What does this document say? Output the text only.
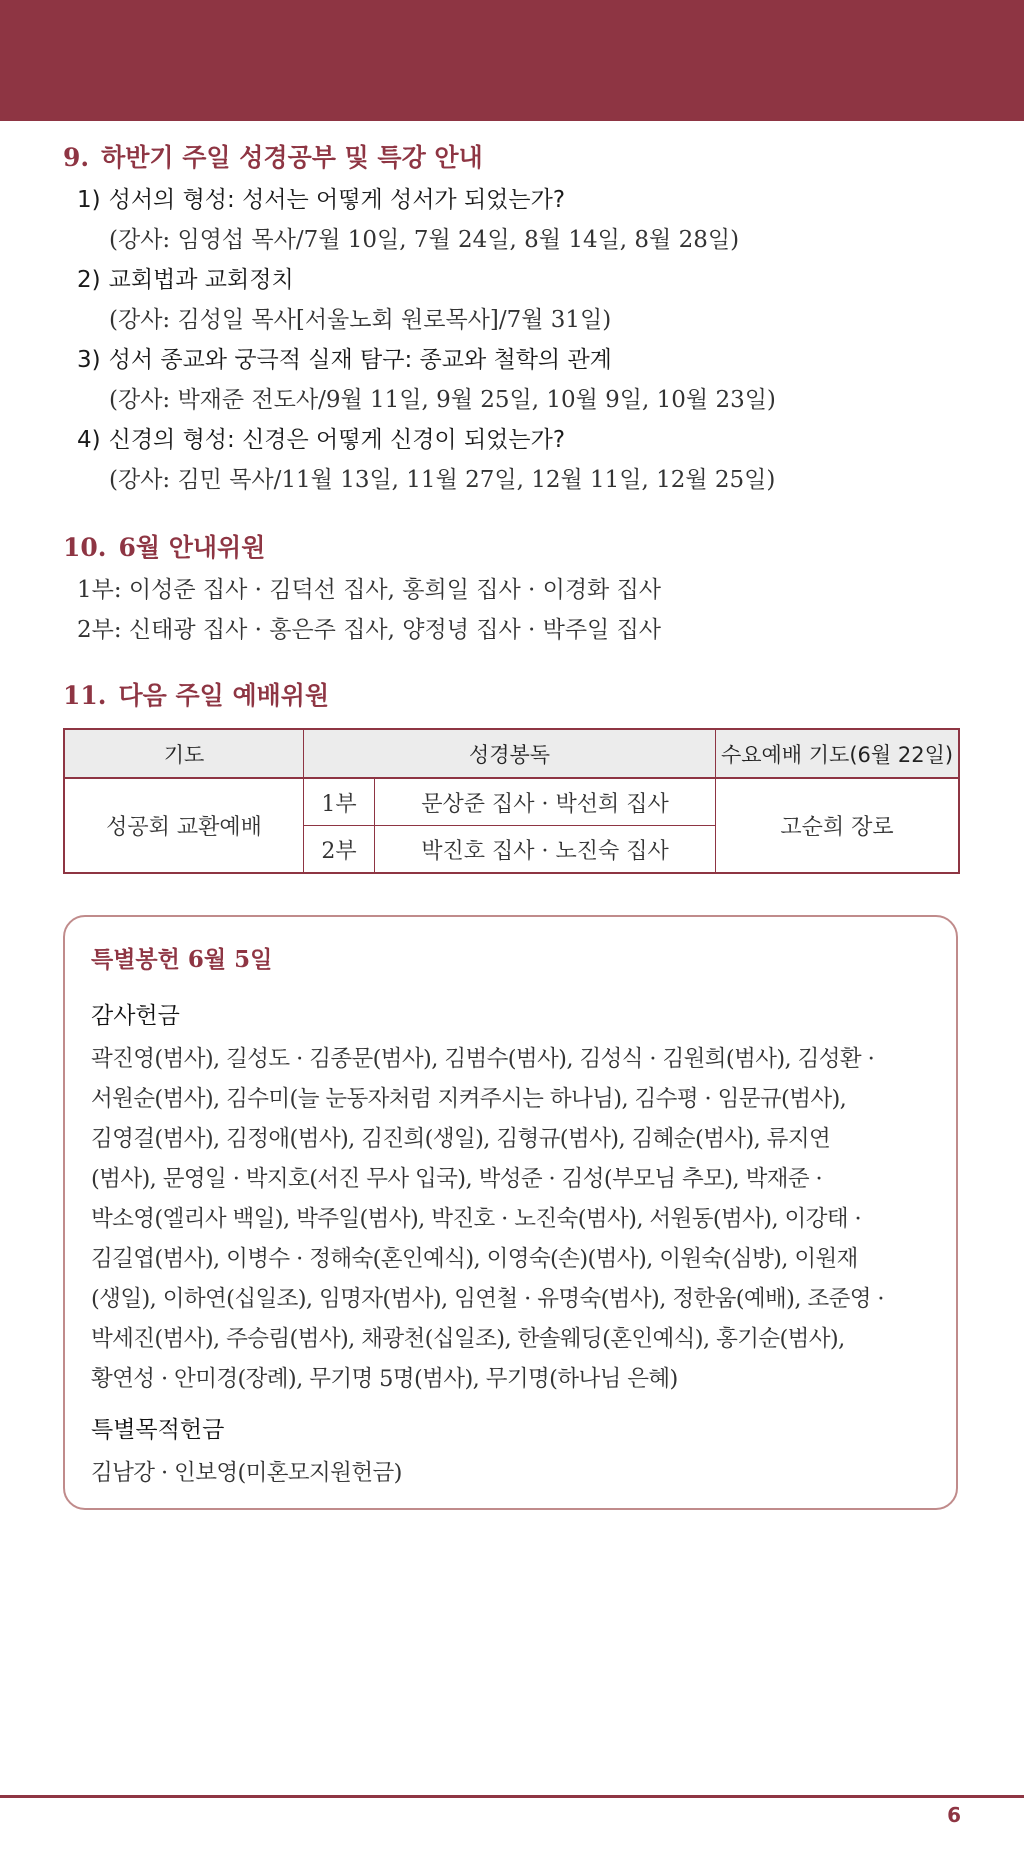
9. 하반기 주일 성경공부 및 특강 안내
1) 성서의 형성: 성서는 어떻게 성서가 되었는가?
(강사: 임영섭 목사/7월 10일, 7월 24일, 8월 14일, 8월 28일)
2) 교회법과 교회정치
(강사: 김성일 목사[서울노회 원로목사]/7월 31일)
3) 성서 종교와 궁극적 실재 탐구: 종교와 철학의 관계
(강사: 박재준 전도사/9월 11일, 9월 25일, 10월 9일, 10월 23일)
4) 신경의 형성: 신경은 어떻게 신경이 되었는가?
(강사: 김민 목사/11월 13일, 11월 27일, 12월 11일, 12월 25일)
10. 6월 안내위원
1부: 이성준 집사 · 김덕선 집사, 홍희일 집사 · 이경화 집사
2부: 신태광 집사 · 홍은주 집사, 양정녕 집사 · 박주일 집사
11. 다음 주일 예배위원
기도	성경봉독		수요예배 기도(6월 22일)
성공회 교환예배	1부	문상준 집사 · 박선희 집사	고순희 장로
	2부	박진호 집사 · 노진숙 집사	
특별봉헌 6월 5일
감사헌금
곽진영(범사), 길성도 · 김종문(범사), 김범수(범사), 김성식 · 김원희(범사), 김성환 ·
서원순(범사), 김수미(늘 눈동자처럼 지켜주시는 하나님), 김수평 · 임문규(범사),
김영걸(범사), 김정애(범사), 김진희(생일), 김형규(범사), 김혜순(범사), 류지연
(범사), 문영일 · 박지호(서진 무사 입국), 박성준 · 김성(부모님 추모), 박재준 ·
박소영(엘리사 백일), 박주일(범사), 박진호 · 노진숙(범사), 서원동(범사), 이강태 ·
김길엽(범사), 이병수 · 정해숙(혼인예식), 이영숙(손)(범사), 이원숙(심방), 이원재
(생일), 이하연(십일조), 임명자(범사), 임연철 · 유명숙(범사), 정한움(예배), 조준영 ·
박세진(범사), 주승림(범사), 채광천(십일조), 한솔웨딩(혼인예식), 홍기순(범사),
황연성 · 안미경(장례), 무기명 5명(범사), 무기명(하나님 은혜)
특별목적헌금
김남강 · 인보영(미혼모지원헌금)
6
